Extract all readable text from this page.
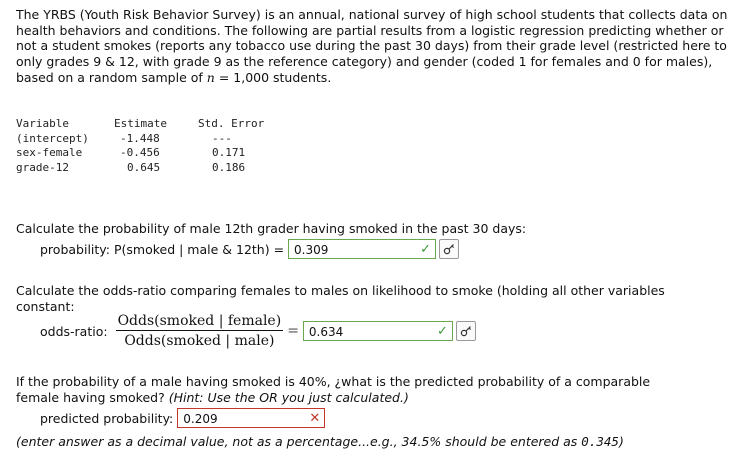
The YRBS (Youth Risk Behavior Survey) is an annual, national survey of high school students that collects data on health behaviors and conditions. The following are partial results from a logistic regression predicting whether or not a student smokes (reports any tobacco use during the past 30 days) from their grade level (restricted here to only grades 9 & 12, with grade 9 as the reference category) and gender (coded 1 for females and 0 for males), based on a random sample of n = 1,000 students.
Variable	Estimate	Std. Error
(intercept)	-1.448	---
sex-female	-0.456	0.171
grade-12	0.645	0.186
Calculate the probability of male 12th grader having smoked in the past 30 days:
probability: P(smoked | male & 12th) = 0.309	✓
Calculate the odds-ratio comparing females to males on likelihood to smoke (holding all other variables constant:
odds-ratio: $\frac{\text{Odds(smoked | female)}}{\text{Odds(smoked | male)}} = 0.634$	✓
If the probability of a male having smoked is 40%, ¿what is the predicted probability of a comparable female having smoked? (Hint: Use the OR you just calculated.)
predicted probability: 0.209	✕
(enter answer as a decimal value, not as a percentage...e.g., 34.5% should be entered as 0.345)
